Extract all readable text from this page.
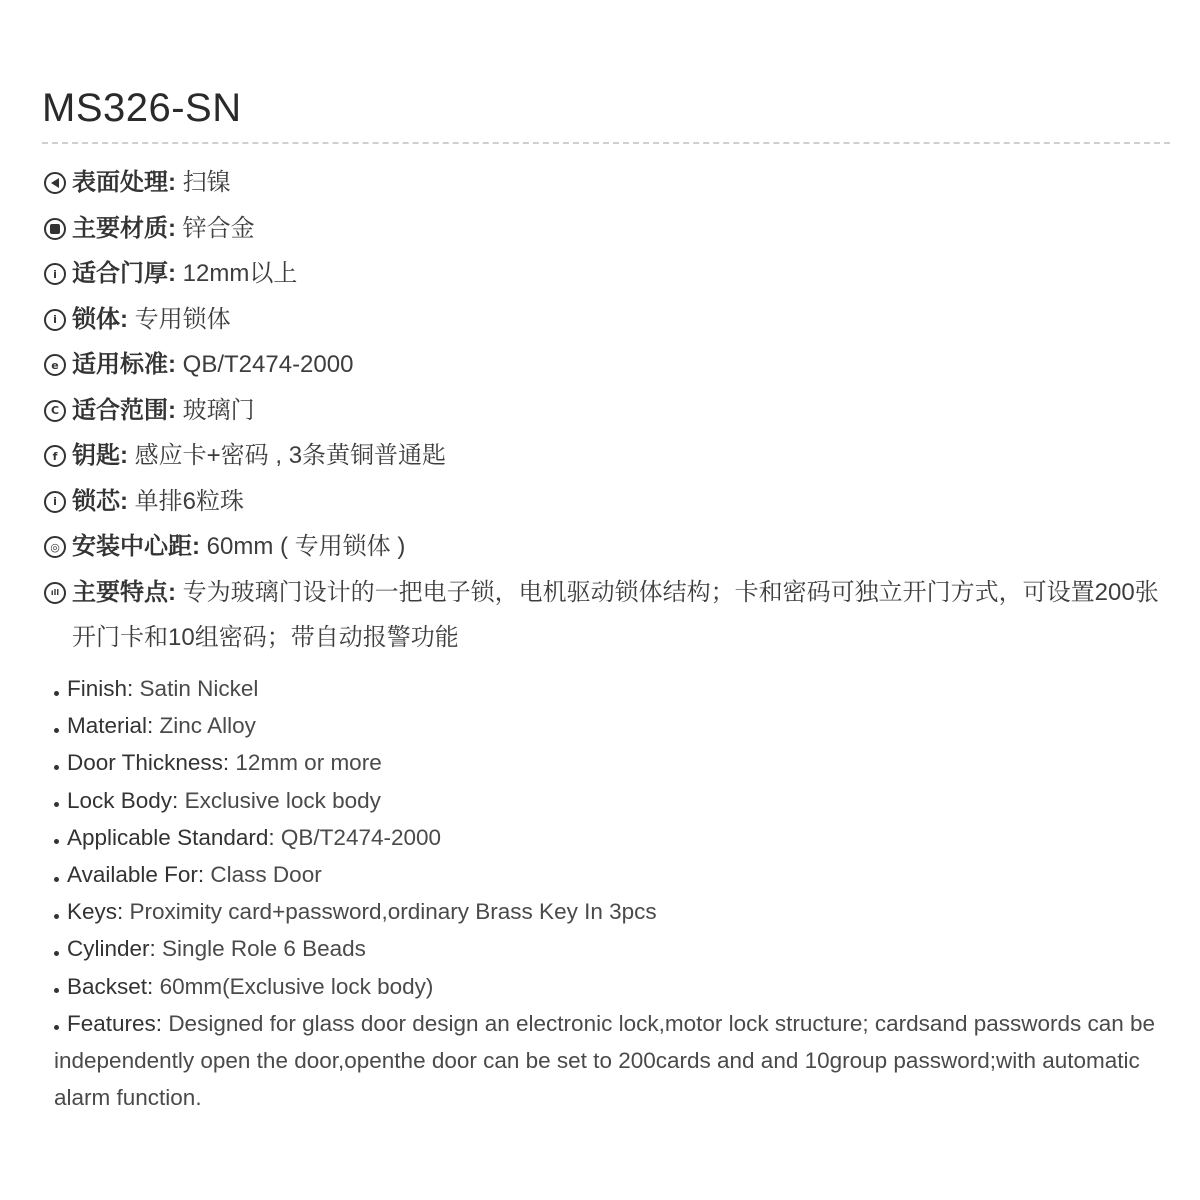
MS326-SN
表面处理: 扫镍
主要材质: 锌合金
i 适合门厚: 12mm以上
i 锁体: 专用锁体
e 适用标准: QB/T2474-2000
C 适合范围: 玻璃门
f 钥匙: 感应卡+密码 , 3条黄铜普通匙
i 锁芯: 单排6粒珠
◎ 安装中心距: 60mm ( 专用锁体 )
ıll 主要特点: 专为玻璃门设计的一把电子锁，电机驱动锁体结构；卡和密码可独立开门方式，可设置200张开门卡和10组密码；带自动报警功能
Finish: Satin Nickel
Material: Zinc Alloy
Door Thickness: 12mm or more
Lock Body: Exclusive lock body
Applicable Standard: QB/T2474-2000
Available For: Class Door
Keys: Proximity card+password,ordinary Brass Key In 3pcs
Cylinder: Single Role 6 Beads
Backset: 60mm(Exclusive lock body)
Features: Designed for glass door design an electronic lock,motor lock structure; cardsand passwords can be independently open the door,openthe door can be set to 200cards and and 10group password;with automatic alarm function.
